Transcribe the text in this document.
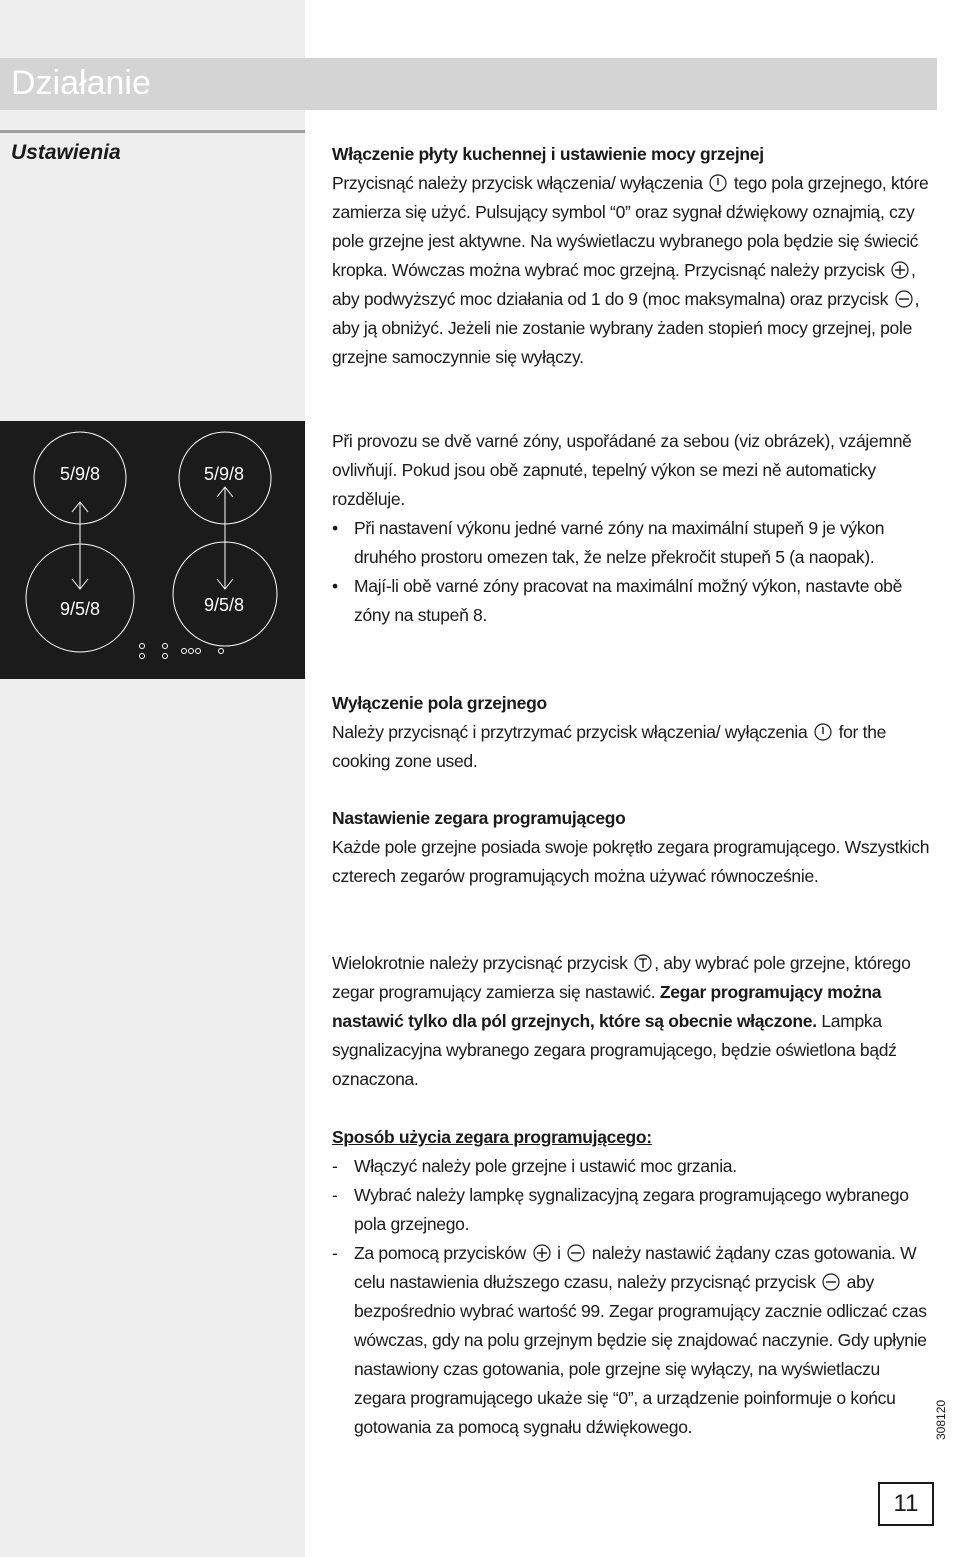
Działanie
Ustawienia
5/9/8	5/9/8
9/5/8	9/5/8

Włączenie płyty kuchennej i ustawienie mocy grzejnej

Przycisnąć należy przycisk włączenia/ wyłączenia tego pola grzejnego, które zamierza się użyć. Pulsujący symbol “0” oraz sygnał dźwiękowy oznajmią, czy pole grzejne jest aktywne. Na wyświetlaczu wybranego pola będzie się świecić kropka. Wówczas można wybrać moc grzejną. Przycisnąć należy przycisk , aby podwyższyć moc działania od 1 do 9 (moc maksymalna) oraz przycisk , aby ją obniżyć. Jeżeli nie zostanie wybrany żaden stopień mocy grzejnej, pole grzejne samoczynnie się wyłączy.

Při provozu se dvě varné zóny, uspořádané za sebou (viz obrázek), vzájemně ovlivňují. Pokud jsou obě zapnuté, tepelný výkon se mezi ně automaticky rozděluje.

• Při nastavení výkonu jedné varné zóny na maximální stupeň 9 je výkon druhého prostoru omezen tak, že nelze překročit stupeň 5 (a naopak).
• Mají-li obě varné zóny pracovat na maximální možný výkon, nastavte obě zóny na stupeň 8.

Wyłączenie pola grzejnego

Należy przycisnąć i przytrzymać przycisk włączenia/ wyłączenia for the cooking zone used.

Nastawienie zegara programującego

Każde pole grzejne posiada swoje pokrętło zegara programującego. Wszystkich czterech zegarów programujących można używać równocześnie.

Wielokrotnie należy przycisnąć przycisk , aby wybrać pole grzejne, którego zegar programujący zamierza się nastawić. Zegar programujący można nastawić tylko dla pól grzejnych, które są obecnie włączone. Lampka sygnalizacyjna wybranego zegara programującego, będzie oświetlona bądź oznaczona.

Sposób użycia zegara programującego:

- Włączyć należy pole grzejne i ustawić moc grzania.
- Wybrać należy lampkę sygnalizacyjną zegara programującego wybranego pola grzejnego.
- Za pomocą przycisków i należy nastawić żądany czas gotowania. W celu nastawienia dłuższego czasu, należy przycisnąć przycisk aby bezpośrednio wybrać wartość 99. Zegar programujący zacznie odliczać czas wówczas, gdy na polu grzejnym będzie się znajdować naczynie. Gdy upłynie nastawiony czas gotowania, pole grzejne się wyłączy, na wyświetlaczu zegara programującego ukaże się “0”, a urządzenie poinformuje o końcu gotowania za pomocą sygnału dźwiękowego.	308120
11
